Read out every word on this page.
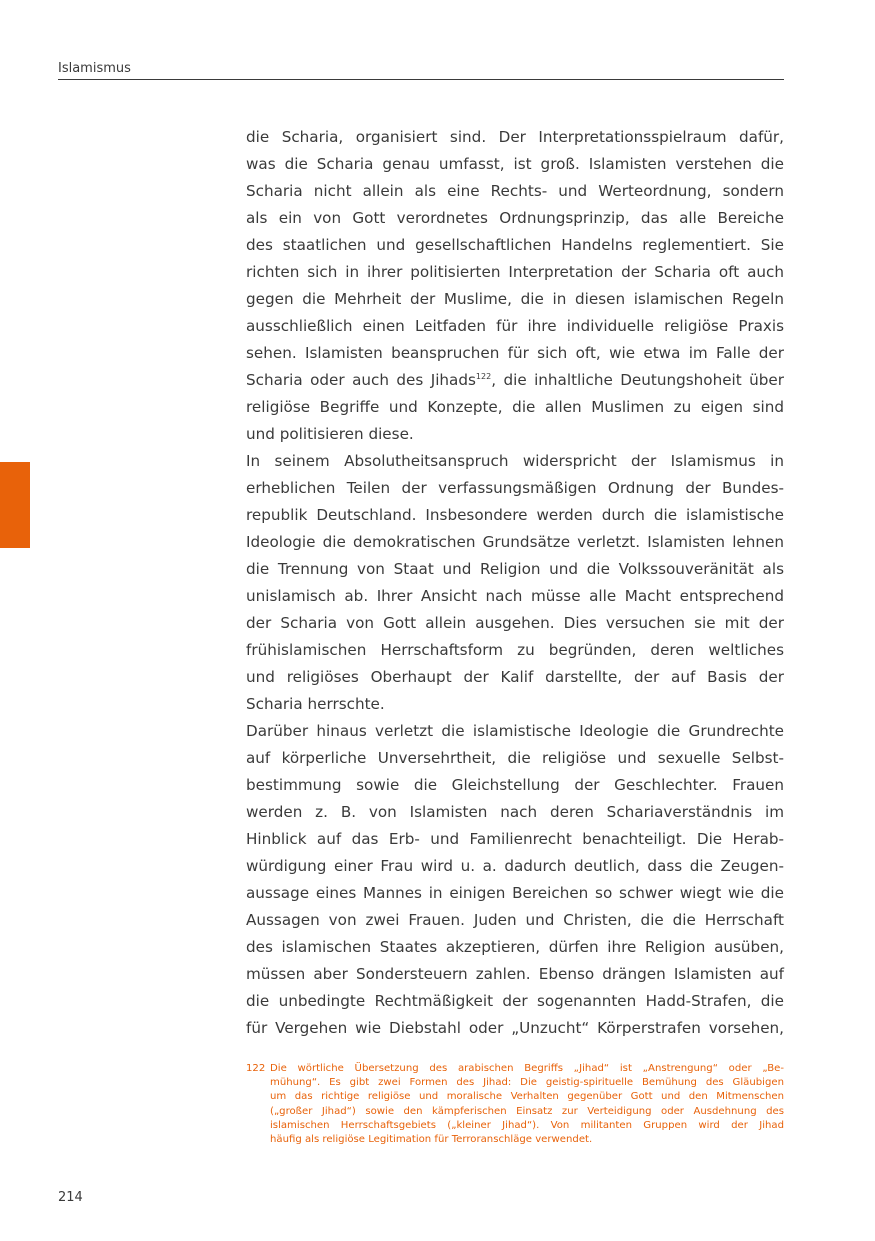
Islamismus
die Scharia, organisiert sind. Der Interpretationsspielraum dafür,
was die Scharia genau umfasst, ist groß. Islamisten verstehen die
Scharia nicht allein als eine Rechts- und Werteordnung, sondern
als ein von Gott verordnetes Ordnungsprinzip, das alle Bereiche
des staatlichen und gesellschaftlichen Handelns reglementiert. Sie
richten sich in ihrer politisierten Interpretation der Scharia oft auch
gegen die Mehrheit der Muslime, die in diesen islamischen Regeln
ausschließlich einen Leitfaden für ihre individuelle religiöse Praxis
sehen. Islamisten beanspruchen für sich oft, wie etwa im Falle der
Scharia oder auch des Jihads$^{122}$, die inhaltliche Deutungshoheit über
religiöse Begriffe und Konzepte, die allen Muslimen zu eigen sind
und politisieren diese.
In seinem Absolutheitsanspruch widerspricht der Islamismus in
erheblichen Teilen der verfassungsmäßigen Ordnung der Bundes-
republik Deutschland. Insbesondere werden durch die islamistische
Ideologie die demokratischen Grundsätze verletzt. Islamisten lehnen
die Trennung von Staat und Religion und die Volkssouveränität als
unislamisch ab. Ihrer Ansicht nach müsse alle Macht entsprechend
der Scharia von Gott allein ausgehen. Dies versuchen sie mit der
frühislamischen Herrschaftsform zu begründen, deren weltliches
und religiöses Oberhaupt der Kalif darstellte, der auf Basis der
Scharia herrschte.
Darüber hinaus verletzt die islamistische Ideologie die Grundrechte
auf körperliche Unversehrtheit, die religiöse und sexuelle Selbst-
bestimmung sowie die Gleichstellung der Geschlechter. Frauen
werden z. B. von Islamisten nach deren Schariaverständnis im
Hinblick auf das Erb- und Familienrecht benachteiligt. Die Herab-
würdigung einer Frau wird u. a. dadurch deutlich, dass die Zeugen-
aussage eines Mannes in einigen Bereichen so schwer wiegt wie die
Aussagen von zwei Frauen. Juden und Christen, die die Herrschaft
des islamischen Staates akzeptieren, dürfen ihre Religion ausüben,
müssen aber Sondersteuern zahlen. Ebenso drängen Islamisten auf
die unbedingte Rechtmäßigkeit der sogenannten Hadd-Strafen, die
für Vergehen wie Diebstahl oder „Unzucht“ Körperstrafen vorsehen,
122 Die wörtliche Übersetzung des arabischen Begriffs „Jihad“ ist „Anstrengung“ oder „Be-
mühung“. Es gibt zwei Formen des Jihad: Die geistig-spirituelle Bemühung des Gläubigen
um das richtige religiöse und moralische Verhalten gegenüber Gott und den Mitmenschen
(„großer Jihad“) sowie den kämpferischen Einsatz zur Verteidigung oder Ausdehnung des
islamischen Herrschaftsgebiets („kleiner Jihad“). Von militanten Gruppen wird der Jihad
häufig als religiöse Legitimation für Terroranschläge verwendet.
214
